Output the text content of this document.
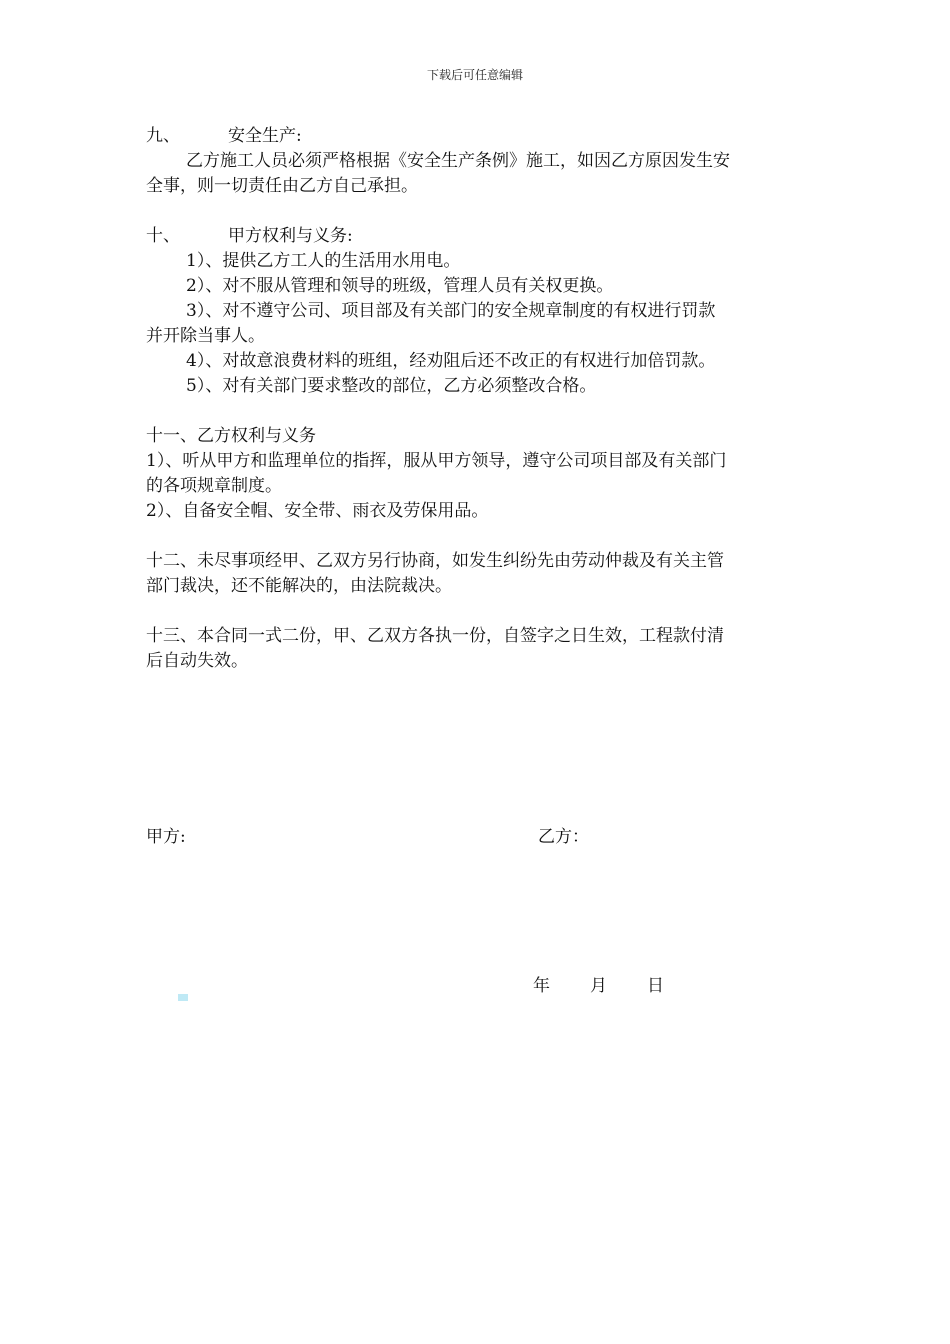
下载后可任意编辑
九、	安全生产:
乙方施工人员必须严格根据《安全生产条例》施工，如因乙方原因发生安
全事，则一切责任由乙方自己承担。
十、	甲方权利与义务:
1）、提供乙方工人的生活用水用电。
2）、对不服从管理和领导的班级，管理人员有关权更换。
3）、对不遵守公司、项目部及有关部门的安全规章制度的有权进行罚款
并开除当事人。
4）、对故意浪费材料的班组，经劝阻后还不改正的有权进行加倍罚款。
5）、对有关部门要求整改的部位，乙方必须整改合格。
十一、乙方权利与义务
1）、听从甲方和监理单位的指挥，服从甲方领导，遵守公司项目部及有关部门
的各项规章制度。
2）、自备安全帽、安全带、雨衣及劳保用品。
十二、未尽事项经甲、乙双方另行协商，如发生纠纷先由劳动仲裁及有关主管
部门裁决，还不能解决的，由法院裁决。
十三、本合同一式二份，甲、乙双方各执一份，自签字之日生效，工程款付清
后自动失效。
甲方:	乙方：
年 月 日
